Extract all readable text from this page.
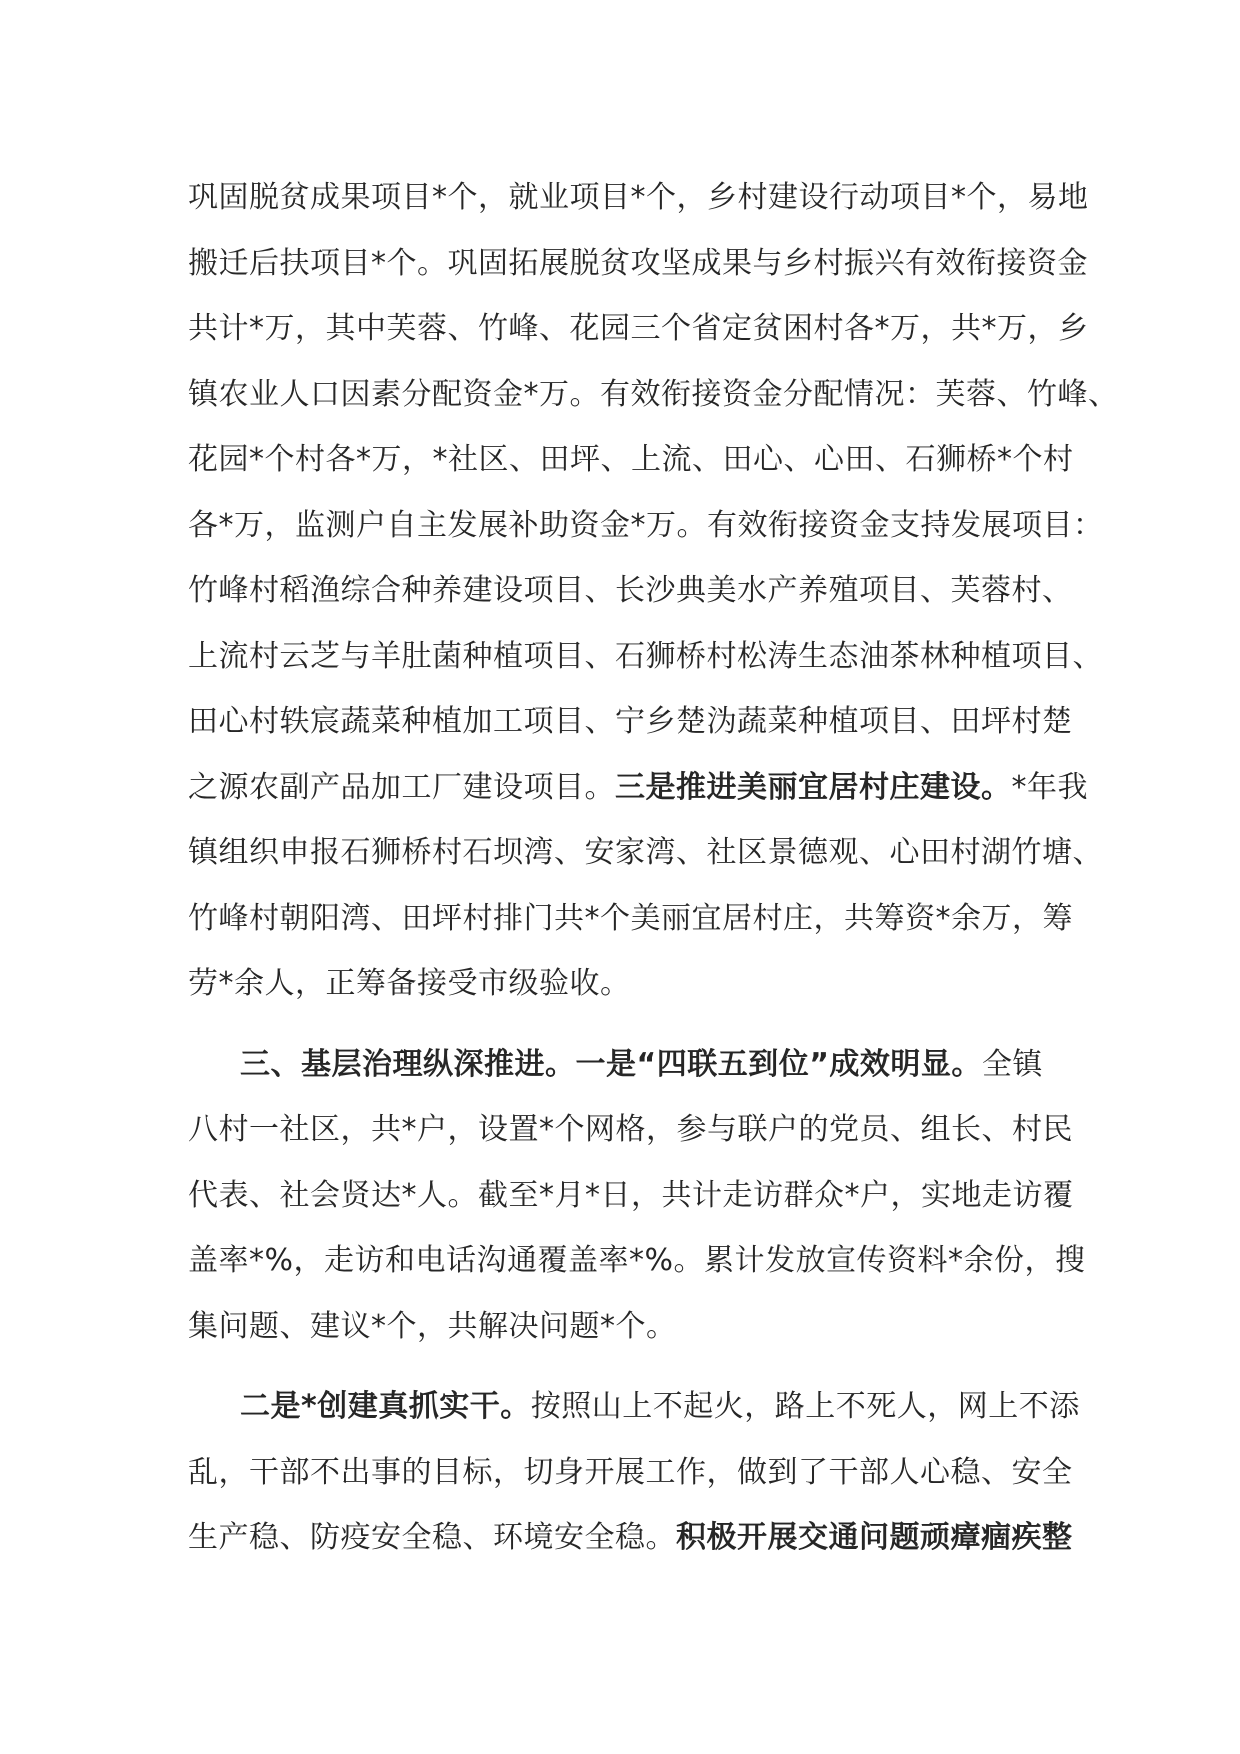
巩固脱贫成果项目*个，就业项目*个，乡村建设行动项目*个，易地
搬迁后扶项目*个。巩固拓展脱贫攻坚成果与乡村振兴有效衔接资金
共计*万，其中芙蓉、竹峰、花园三个省定贫困村各*万，共*万，乡
镇农业人口因素分配资金*万。有效衔接资金分配情况：芙蓉、竹峰、
花园*个村各*万，*社区、田坪、上流、田心、心田、石狮桥*个村
各*万，监测户自主发展补助资金*万。有效衔接资金支持发展项目：
竹峰村稻渔综合种养建设项目、长沙典美水产养殖项目、芙蓉村、
上流村云芝与羊肚菌种植项目、石狮桥村松涛生态油茶林种植项目、
田心村轶宸蔬菜种植加工项目、宁乡楚沩蔬菜种植项目、田坪村楚
之源农副产品加工厂建设项目。三是推进美丽宜居村庄建设。*年我
镇组织申报石狮桥村石坝湾、安家湾、社区景德观、心田村湖竹塘、
竹峰村朝阳湾、田坪村排门共*个美丽宜居村庄，共筹资*余万，筹
劳*余人，正筹备接受市级验收。

三、基层治理纵深推进。一是“四联五到位”成效明显。全镇
八村一社区，共*户，设置*个网格，参与联户的党员、组长、村民
代表、社会贤达*人。截至*月*日，共计走访群众*户，实地走访覆
盖率*%，走访和电话沟通覆盖率*%。累计发放宣传资料*余份，搜
集问题、建议*个，共解决问题*个。

二是*创建真抓实干。按照山上不起火，路上不死人，网上不添
乱，干部不出事的目标，切身开展工作，做到了干部人心稳、安全
生产稳、防疫安全稳、环境安全稳。积极开展交通问题顽瘴痼疾整
